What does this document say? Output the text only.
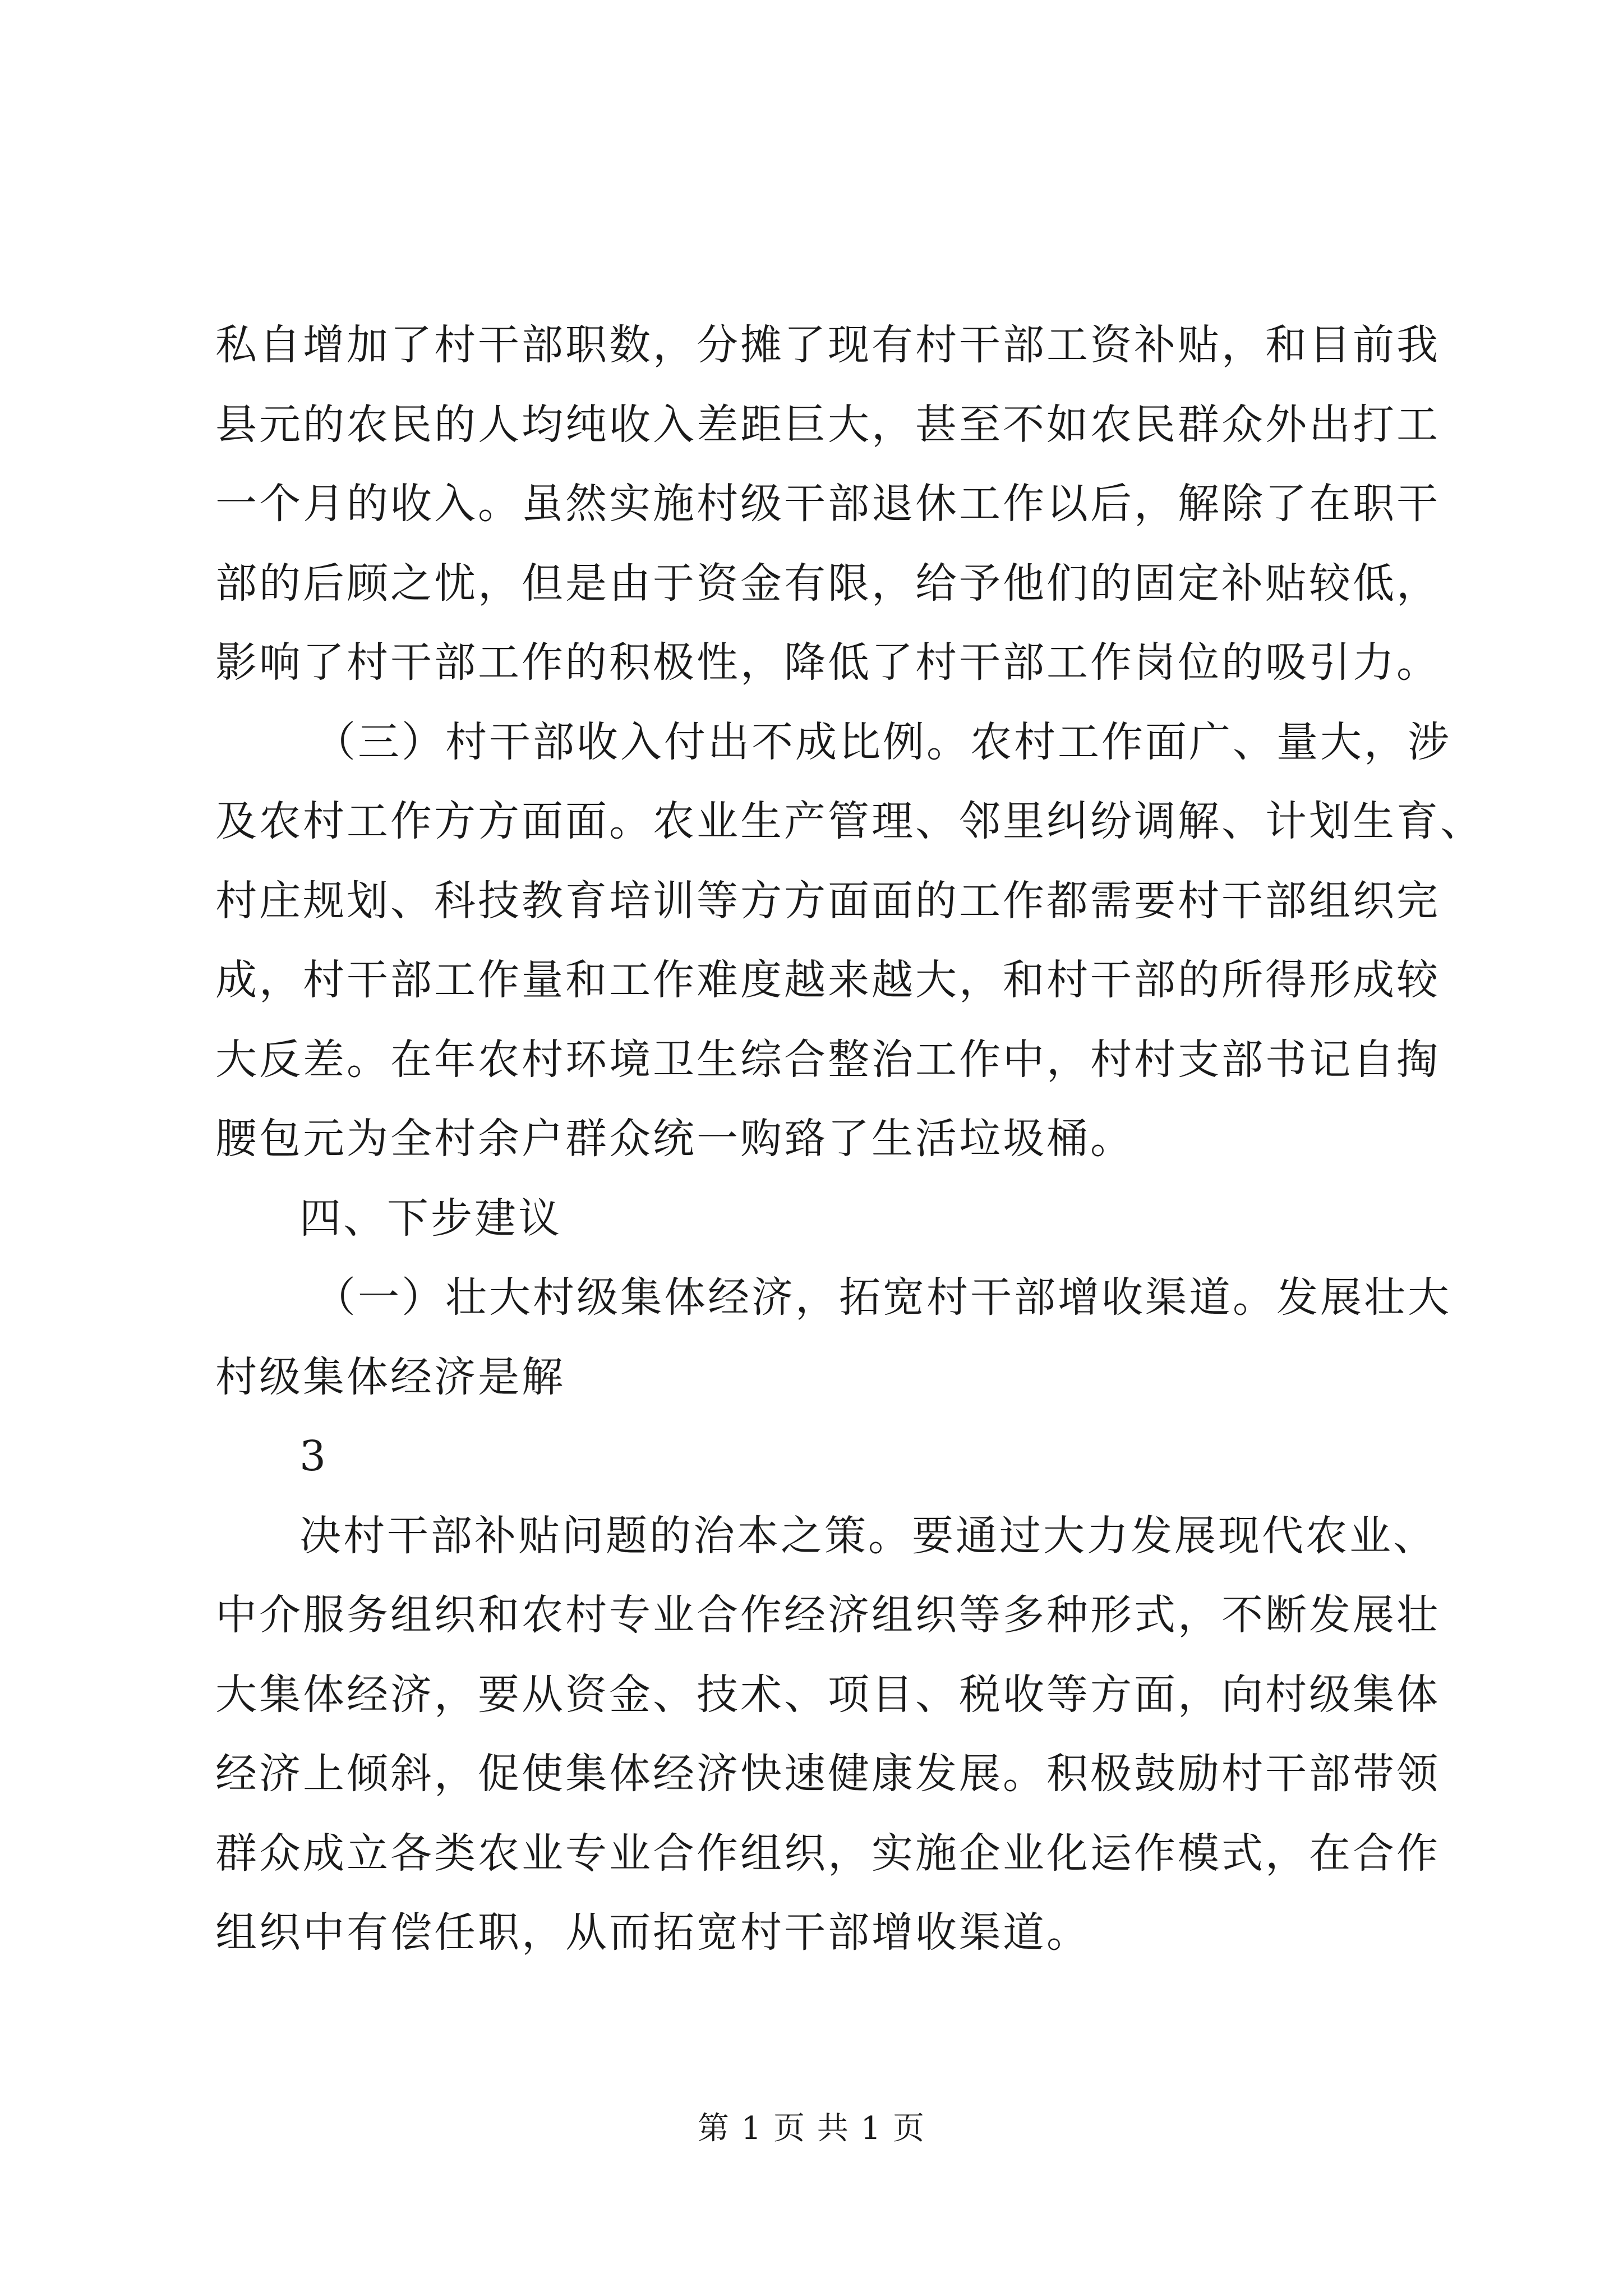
私自增加了村干部职数，分摊了现有村干部工资补贴，和目前我
县元的农民的人均纯收入差距巨大，甚至不如农民群众外出打工
一个月的收入。虽然实施村级干部退休工作以后，解除了在职干
部的后顾之忧，但是由于资金有限，给予他们的固定补贴较低，
影响了村干部工作的积极性，降低了村干部工作岗位的吸引力。
（三）村干部收入付出不成比例。农村工作面广、量大，涉
及农村工作方方面面。农业生产管理、邻里纠纷调解、计划生育、
村庄规划、科技教育培训等方方面面的工作都需要村干部组织完
成，村干部工作量和工作难度越来越大，和村干部的所得形成较
大反差。在年农村环境卫生综合整治工作中，村村支部书记自掏
腰包元为全村余户群众统一购臵了生活垃圾桶。
四、下步建议
（一）壮大村级集体经济，拓宽村干部增收渠道。发展壮大
村级集体经济是解
3
决村干部补贴问题的治本之策。要通过大力发展现代农业、
中介服务组织和农村专业合作经济组织等多种形式，不断发展壮
大集体经济，要从资金、技术、项目、税收等方面，向村级集体
经济上倾斜，促使集体经济快速健康发展。积极鼓励村干部带领
群众成立各类农业专业合作组织，实施企业化运作模式，在合作
组织中有偿任职，从而拓宽村干部增收渠道。
第 1 页 共 1 页
